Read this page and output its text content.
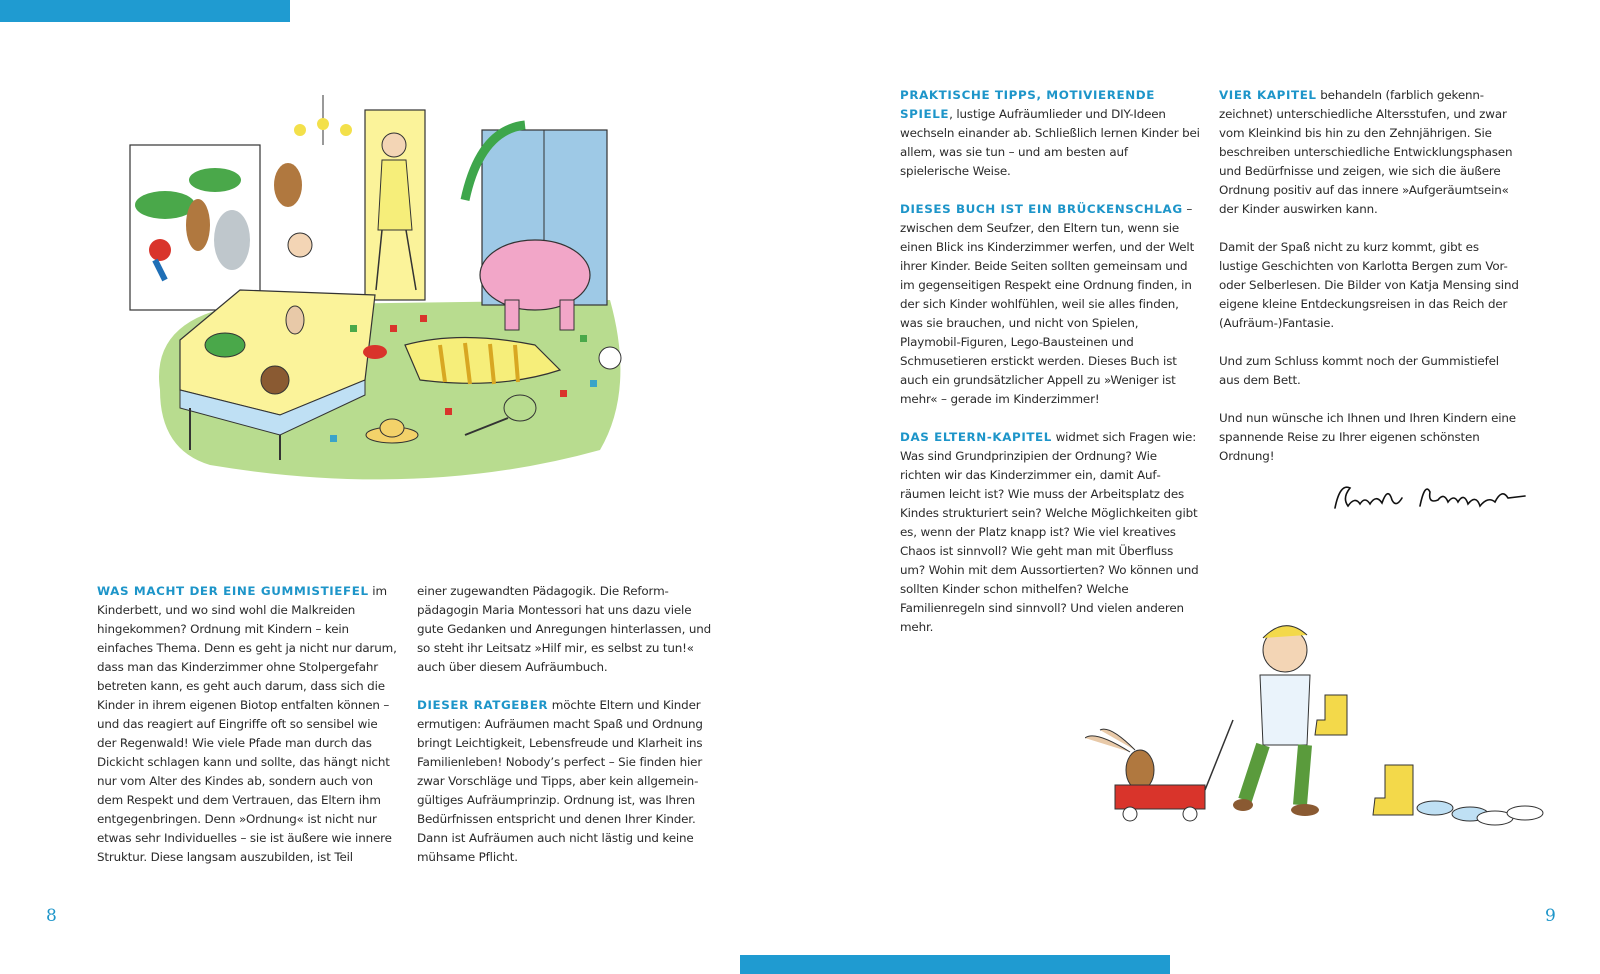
WAS MACHT DER EINE GUMMISTIEFEL im Kinderbett, und wo sind wohl die Malkreiden hingekommen? Ordnung mit Kindern – kein einfaches Thema. Denn es geht ja nicht nur darum, dass man das Kinderzimmer ohne Stolpergefahr betreten kann, es geht auch darum, dass sich die Kinder in ihrem eigenen Biotop entfalten können – und das reagiert auf Eingriffe oft so sensibel wie der Regenwald! Wie viele Pfade man durch das Dickicht schlagen kann und sollte, das hängt nicht nur vom Alter des Kindes ab, sondern auch von dem Respekt und dem Vertrauen, das Eltern ihm entgegenbringen. Denn »Ordnung« ist nicht nur etwas sehr Individuelles – sie ist äußere wie innere Struktur. Diese langsam auszubilden, ist Teil

einer zugewandten Pädagogik. Die Reformpädagogin Maria Montessori hat uns dazu viele gute Gedanken und Anregungen hinterlassen, und so steht ihr Leitsatz »Hilf mir, es selbst zu tun!« auch über diesem Aufräumbuch.

DIESER RATGEBER möchte Eltern und Kinder ermutigen: Aufräumen macht Spaß und Ordnung bringt Leichtigkeit, Lebensfreude und Klarheit ins Familienleben! Nobody’s perfect – Sie finden hier zwar Vorschläge und Tipps, aber kein allgemeingültiges Aufräumprinzip. Ordnung ist, was Ihren Bedürfnissen entspricht und denen Ihrer Kinder. Dann ist Aufräumen auch nicht lästig und keine mühsame Pflicht.

PRAKTISCHE TIPPS, MOTIVIERENDE SPIELE, lustige Aufräumlieder und DIY-Ideen wechseln einander ab. Schließlich lernen Kinder bei allem, was sie tun – und am besten auf spielerische Weise.

DIESES BUCH IST EIN BRÜCKENSCHLAG – zwischen dem Seufzer, den Eltern tun, wenn sie einen Blick ins Kinderzimmer werfen, und der Welt ihrer Kinder. Beide Seiten sollten gemeinsam und im gegenseitigen Respekt eine Ordnung finden, in der sich Kinder wohlfühlen, weil sie alles finden, was sie brauchen, und nicht von Spielen, Playmobil-Figuren, Lego-Bausteinen und Schmusetieren erstickt werden. Dieses Buch ist auch ein grundsätzlicher Appell zu »Weniger ist mehr« – gerade im Kinderzimmer!

DAS ELTERN-KAPITEL widmet sich Fragen wie: Was sind Grundprinzipien der Ordnung? Wie richten wir das Kinderzimmer ein, damit Aufräumen leicht ist? Wie muss der Arbeitsplatz des Kindes strukturiert sein? Welche Möglichkeiten gibt es, wenn der Platz knapp ist? Wie viel kreatives Chaos ist sinnvoll? Wie geht man mit Überfluss um? Wohin mit dem Aussortierten? Wo können und sollten Kinder schon mithelfen? Welche Familienregeln sind sinnvoll? Und vielen anderen mehr.

VIER KAPITEL behandeln (farblich gekennzeichnet) unterschiedliche Altersstufen, und zwar vom Kleinkind bis hin zu den Zehnjährigen. Sie beschreiben unterschiedliche Entwicklungsphasen und Bedürfnisse und zeigen, wie sich die äußere Ordnung positiv auf das innere »Aufgeräumtsein« der Kinder auswirken kann.

Damit der Spaß nicht zu kurz kommt, gibt es lustige Geschichten von Karlotta Bergen zum Vor- oder Selberlesen. Die Bilder von Katja Mensing sind eigene kleine Entdeckungsreisen in das Reich der (Aufräum-)Fantasie.

Und zum Schluss kommt noch der Gummistiefel aus dem Bett.

Und nun wünsche ich Ihnen und Ihren Kindern eine spannende Reise zu Ihrer eigenen schönsten Ordnung!

8	9
